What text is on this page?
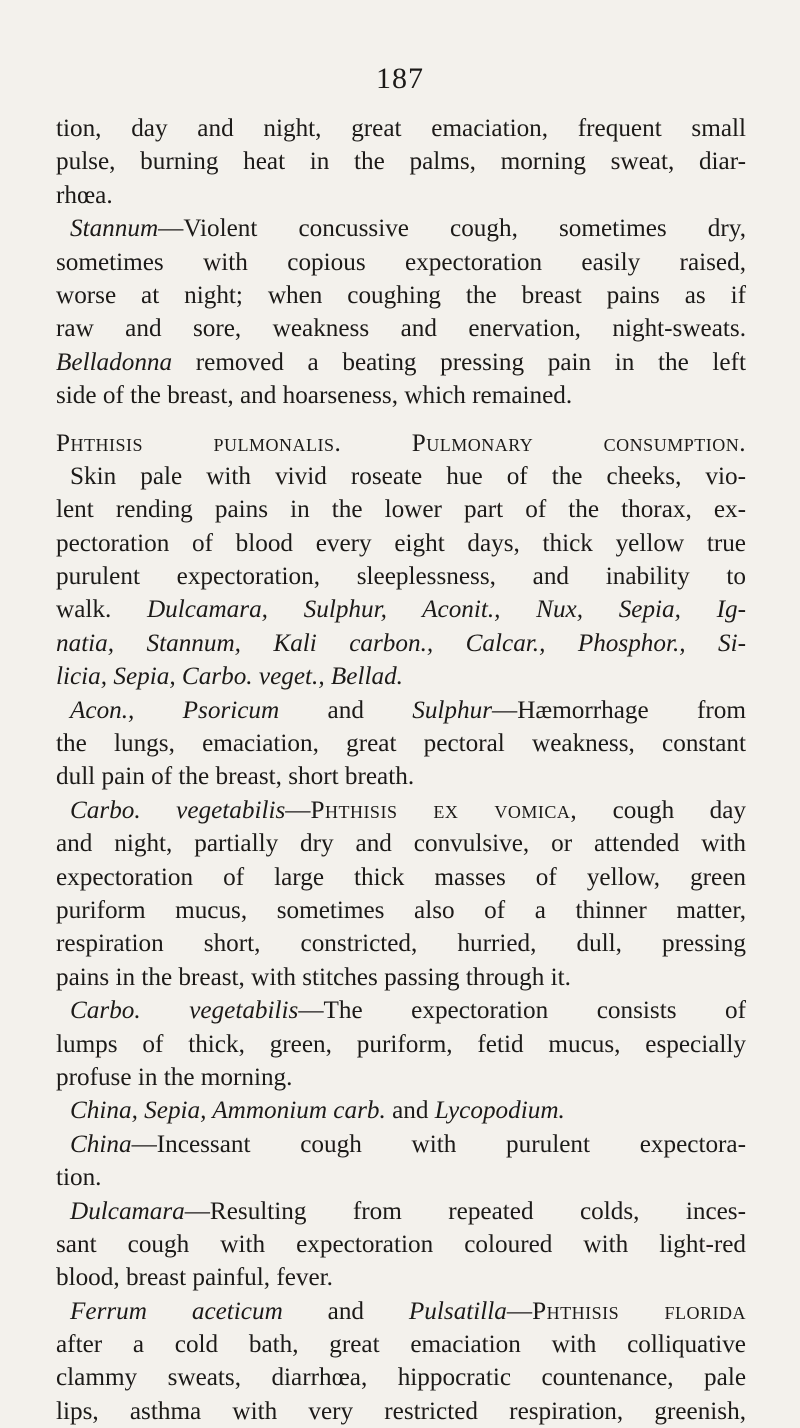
187
tion, day and night, great emaciation, frequent small
pulse, burning heat in the palms, morning sweat, diar-
rhœa.
Stannum—Violent concussive cough, sometimes dry,
sometimes with copious expectoration easily raised,
worse at night; when coughing the breast pains as if
raw and sore, weakness and enervation, night-sweats.
Belladonna removed a beating pressing pain in the left
side of the breast, and hoarseness, which remained.
Phthisis pulmonalis. Pulmonary consumption.
Skin pale with vivid roseate hue of the cheeks, vio-
lent rending pains in the lower part of the thorax, ex-
pectoration of blood every eight days, thick yellow true
purulent expectoration, sleeplessness, and inability to
walk. Dulcamara, Sulphur, Aconit., Nux, Sepia, Ig-
natia, Stannum, Kali carbon., Calcar., Phosphor., Si-
licia, Sepia, Carbo. veget., Bellad.
Acon., Psoricum and Sulphur—Hæmorrhage from
the lungs, emaciation, great pectoral weakness, constant
dull pain of the breast, short breath.
Carbo. vegetabilis—Phthisis ex vomica, cough day
and night, partially dry and convulsive, or attended with
expectoration of large thick masses of yellow, green
puriform mucus, sometimes also of a thinner matter,
respiration short, constricted, hurried, dull, pressing
pains in the breast, with stitches passing through it.
Carbo. vegetabilis—The expectoration consists of
lumps of thick, green, puriform, fetid mucus, especially
profuse in the morning.
China, Sepia, Ammonium carb. and Lycopodium.
China—Incessant cough with purulent expectora-
tion.
Dulcamara—Resulting from repeated colds, inces-
sant cough with expectoration coloured with light-red
blood, breast painful, fever.
Ferrum aceticum and Pulsatilla—Phthisis florida
after a cold bath, great emaciation with colliquative
clammy sweats, diarrhœa, hippocratic countenance, pale
lips, asthma with very restricted respiration, greenish,
